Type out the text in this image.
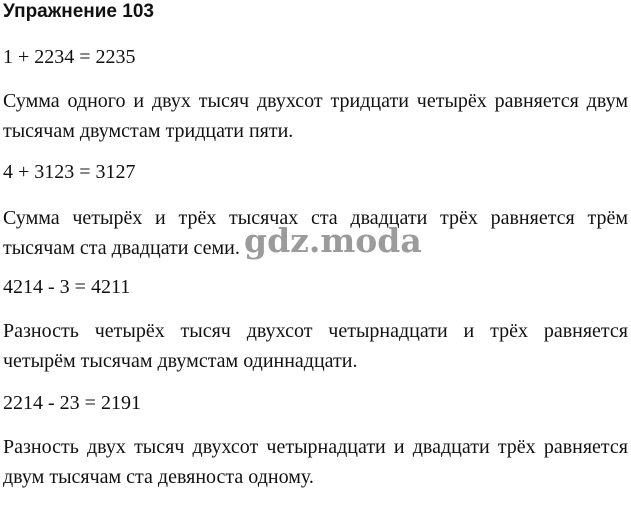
Упражнение 103
1 + 2234 = 2235
Сумма одного и двух тысяч двухсот тридцати четырёх равняется двум тысячам двумстам тридцати пяти.
4 + 3123 = 3127
Сумма четырёх и трёх тысячах ста двадцати трёх равняется трём тысячам ста двадцати семи.
4214 - 3 = 4211
Разность четырёх тысяч двухсот четырнадцати и трёх равняется четырём тысячам двумстам одиннадцати.
2214 - 23 = 2191
Разность двух тысяч двухсот четырнадцати и двадцати трёх равняется двум тысячам ста девяноста одному.
gdz.moda
